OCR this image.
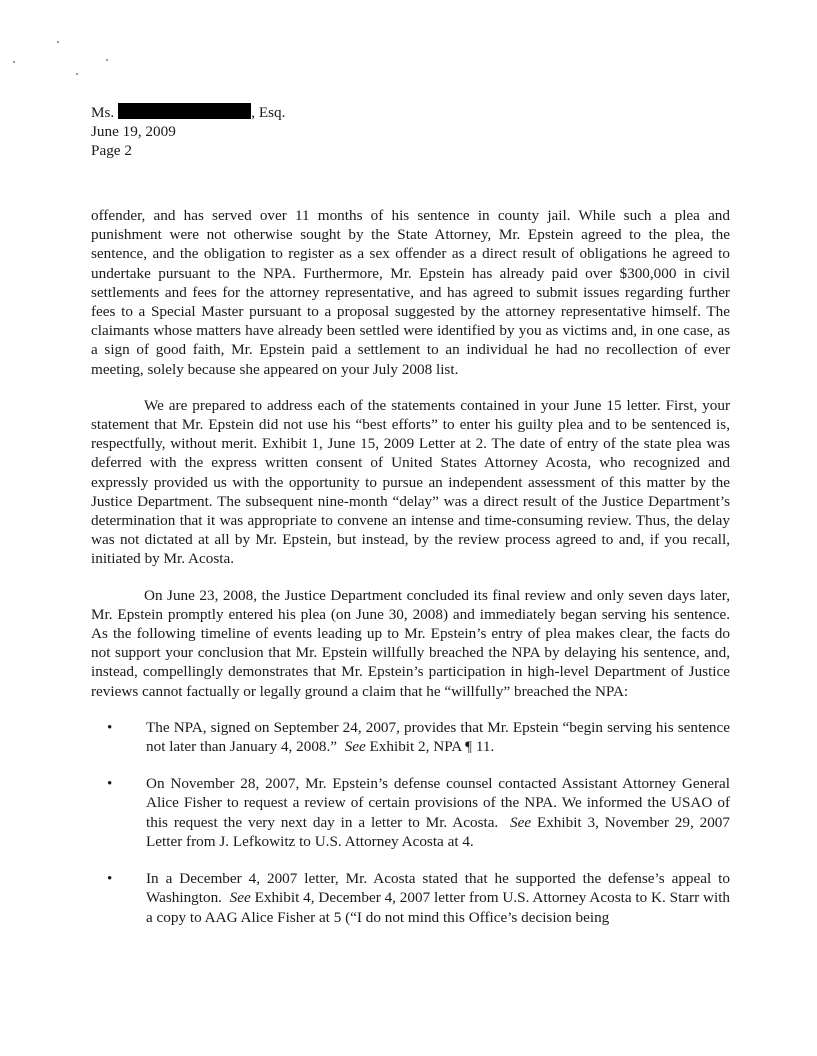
Ms.	, Esq.
June 19, 2009
Page 2

offender, and has served over 11 months of his sentence in county jail. While such a plea and punishment were not otherwise sought by the State Attorney, Mr. Epstein agreed to the plea, the sentence, and the obligation to register as a sex offender as a direct result of obligations he agreed to undertake pursuant to the NPA. Furthermore, Mr. Epstein has already paid over $300,000 in civil settlements and fees for the attorney representative, and has agreed to submit issues regarding further fees to a Special Master pursuant to a proposal suggested by the attorney representative himself. The claimants whose matters have already been settled were identified by you as victims and, in one case, as a sign of good faith, Mr. Epstein paid a settlement to an individual he had no recollection of ever meeting, solely because she appeared on your July 2008 list.

We are prepared to address each of the statements contained in your June 15 letter. First, your statement that Mr. Epstein did not use his “best efforts” to enter his guilty plea and to be sentenced is, respectfully, without merit. Exhibit 1, June 15, 2009 Letter at 2. The date of entry of the state plea was deferred with the express written consent of United States Attorney Acosta, who recognized and expressly provided us with the opportunity to pursue an independent assessment of this matter by the Justice Department. The subsequent nine-month “delay” was a direct result of the Justice Department’s determination that it was appropriate to convene an intense and time-consuming review. Thus, the delay was not dictated at all by Mr. Epstein, but instead, by the review process agreed to and, if you recall, initiated by Mr. Acosta.

On June 23, 2008, the Justice Department concluded its final review and only seven days later, Mr. Epstein promptly entered his plea (on June 30, 2008) and immediately began serving his sentence. As the following timeline of events leading up to Mr. Epstein’s entry of plea makes clear, the facts do not support your conclusion that Mr. Epstein willfully breached the NPA by delaying his sentence, and, instead, compellingly demonstrates that Mr. Epstein’s participation in high-level Department of Justice reviews cannot factually or legally ground a claim that he “willfully” breached the NPA:

• The NPA, signed on September 24, 2007, provides that Mr. Epstein “begin serving his sentence not later than January 4, 2008.” See Exhibit 2, NPA ¶ 11.
• On November 28, 2007, Mr. Epstein’s defense counsel contacted Assistant Attorney General Alice Fisher to request a review of certain provisions of the NPA. We informed the USAO of this request the very next day in a letter to Mr. Acosta. See Exhibit 3, November 29, 2007 Letter from J. Lefkowitz to U.S. Attorney Acosta at 4.
• In a December 4, 2007 letter, Mr. Acosta stated that he supported the defense’s appeal to Washington. See Exhibit 4, December 4, 2007 letter from U.S. Attorney Acosta to K. Starr with a copy to AAG Alice Fisher at 5 (“I do not mind this Office’s decision being
